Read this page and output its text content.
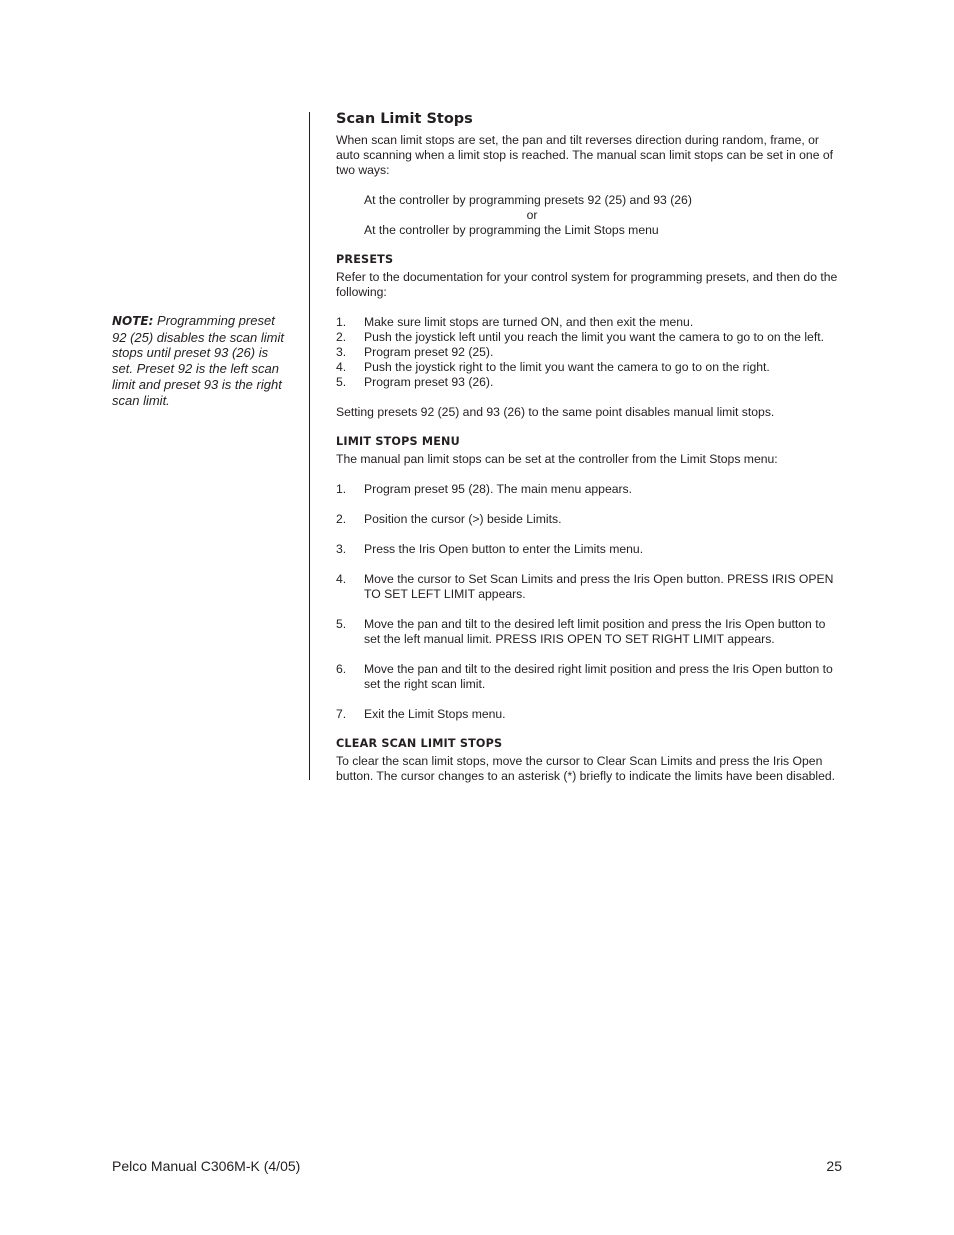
NOTE: Programming preset 92 (25) disables the scan limit stops until preset 93 (26) is set. Preset 92 is the left scan limit and preset 93 is the right scan limit.
Scan Limit Stops

When scan limit stops are set, the pan and tilt reverses direction during random, frame, or auto scanning when a limit stop is reached. The manual scan limit stops can be set in one of two ways:

At the controller by programming presets 92 (25) and 93 (26)

or

At the controller by programming the Limit Stops menu

PRESETS

Refer to the documentation for your control system for programming presets, and then do the following:

1. Make sure limit stops are turned ON, and then exit the menu.
2. Push the joystick left until you reach the limit you want the camera to go to on the left.
3. Program preset 92 (25).
4. Push the joystick right to the limit you want the camera to go to on the right.
5. Program preset 93 (26).

Setting presets 92 (25) and 93 (26) to the same point disables manual limit stops.

LIMIT STOPS MENU

The manual pan limit stops can be set at the controller from the Limit Stops menu:

1. Program preset 95 (28). The main menu appears.
2. Position the cursor (>) beside Limits.
3. Press the Iris Open button to enter the Limits menu.
4. Move the cursor to Set Scan Limits and press the Iris Open button. PRESS IRIS OPEN TO SET LEFT LIMIT appears.
5. Move the pan and tilt to the desired left limit position and press the Iris Open button to set the left manual limit. PRESS IRIS OPEN TO SET RIGHT LIMIT appears.
6. Move the pan and tilt to the desired right limit position and press the Iris Open button to set the right scan limit.
7. Exit the Limit Stops menu.
CLEAR SCAN LIMIT STOPS

To clear the scan limit stops, move the cursor to Clear Scan Limits and press the Iris Open button. The cursor changes to an asterisk (*) briefly to indicate the limits have been disabled.

Pelco Manual C306M-K (4/05)	25
